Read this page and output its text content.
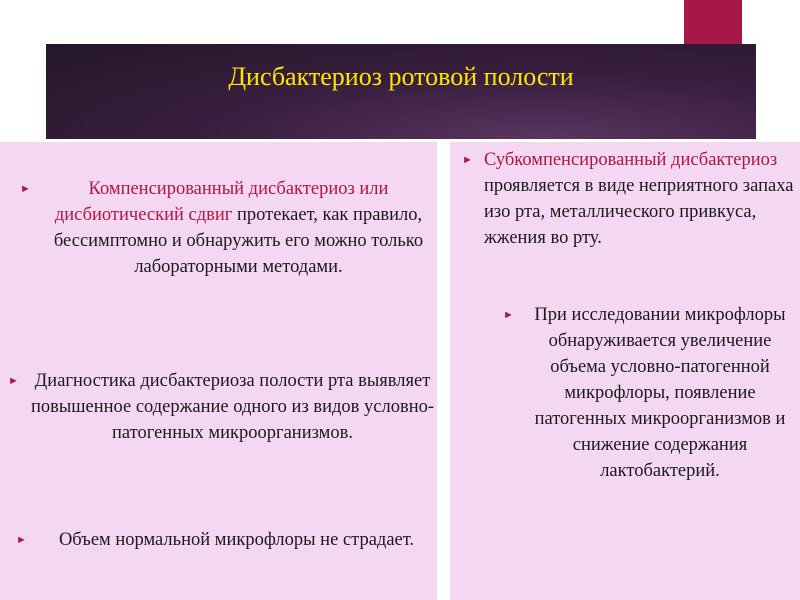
Дисбактериоз ротовой полости
►	Компенсированный дисбактериоз или дисбиотический сдвиг протекает, как правило, бессимптомно и обнаружить его можно только лабораторными методами.
► Диагностика дисбактериоза полости рта выявляет повышенное содержание одного из видов условно-патогенных микроорганизмов.
►	Объем нормальной микрофлоры не страдает.
► Субкомпенсированный дисбактериоз проявляется в виде неприятного запаха изо рта, металлического привкуса, жжения во рту.
►	При исследовании микрофлоры обнаруживается увеличение объема условно-патогенной микрофлоры, появление патогенных микроорганизмов и снижение содержания лактобактерий.
